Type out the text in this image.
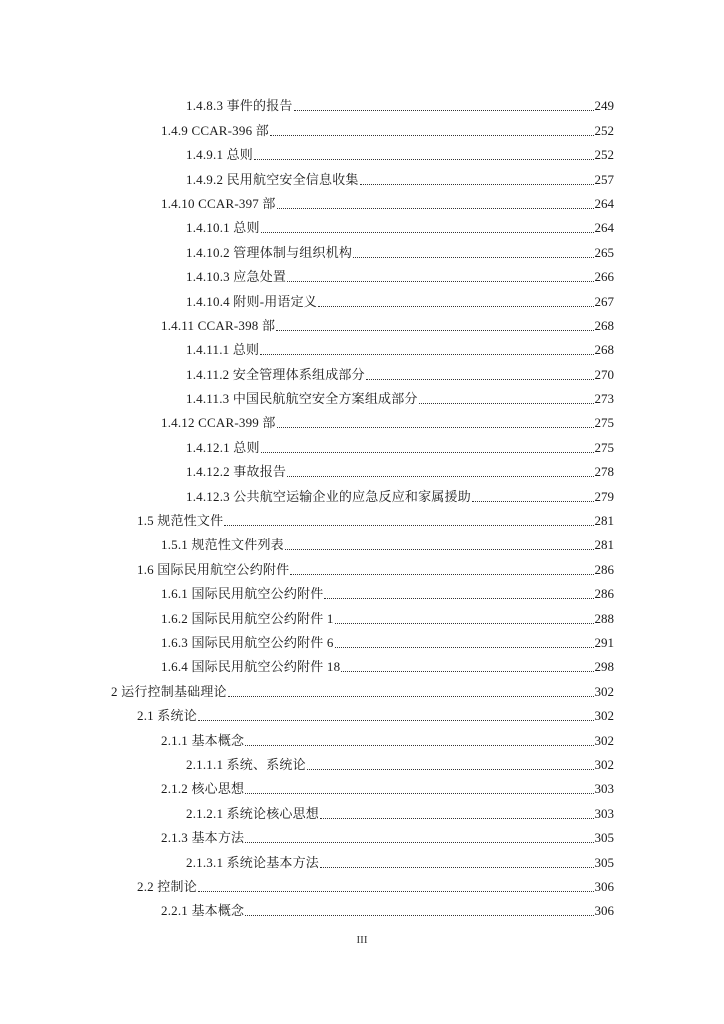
1.4.8.3 事件的报告	249
1.4.9 CCAR-396 部	252
1.4.9.1 总则	252
1.4.9.2 民用航空安全信息收集	257
1.4.10 CCAR-397 部	264
1.4.10.1 总则	264
1.4.10.2 管理体制与组织机构	265
1.4.10.3 应急处置	266
1.4.10.4 附则-用语定义	267
1.4.11 CCAR-398 部	268
1.4.11.1 总则	268
1.4.11.2 安全管理体系组成部分	270
1.4.11.3 中国民航航空安全方案组成部分	273
1.4.12 CCAR-399 部	275
1.4.12.1 总则	275
1.4.12.2 事故报告	278
1.4.12.3 公共航空运输企业的应急反应和家属援助	279
1.5 规范性文件	281
1.5.1 规范性文件列表	281
1.6 国际民用航空公约附件	286
1.6.1 国际民用航空公约附件	286
1.6.2 国际民用航空公约附件 1	288
1.6.3 国际民用航空公约附件 6	291
1.6.4 国际民用航空公约附件 18	298
2 运行控制基础理论	302
2.1 系统论	302
2.1.1 基本概念	302
2.1.1.1 系统、系统论	302
2.1.2 核心思想	303
2.1.2.1 系统论核心思想	303
2.1.3 基本方法	305
2.1.3.1 系统论基本方法	305
2.2 控制论	306
2.2.1 基本概念	306
III
